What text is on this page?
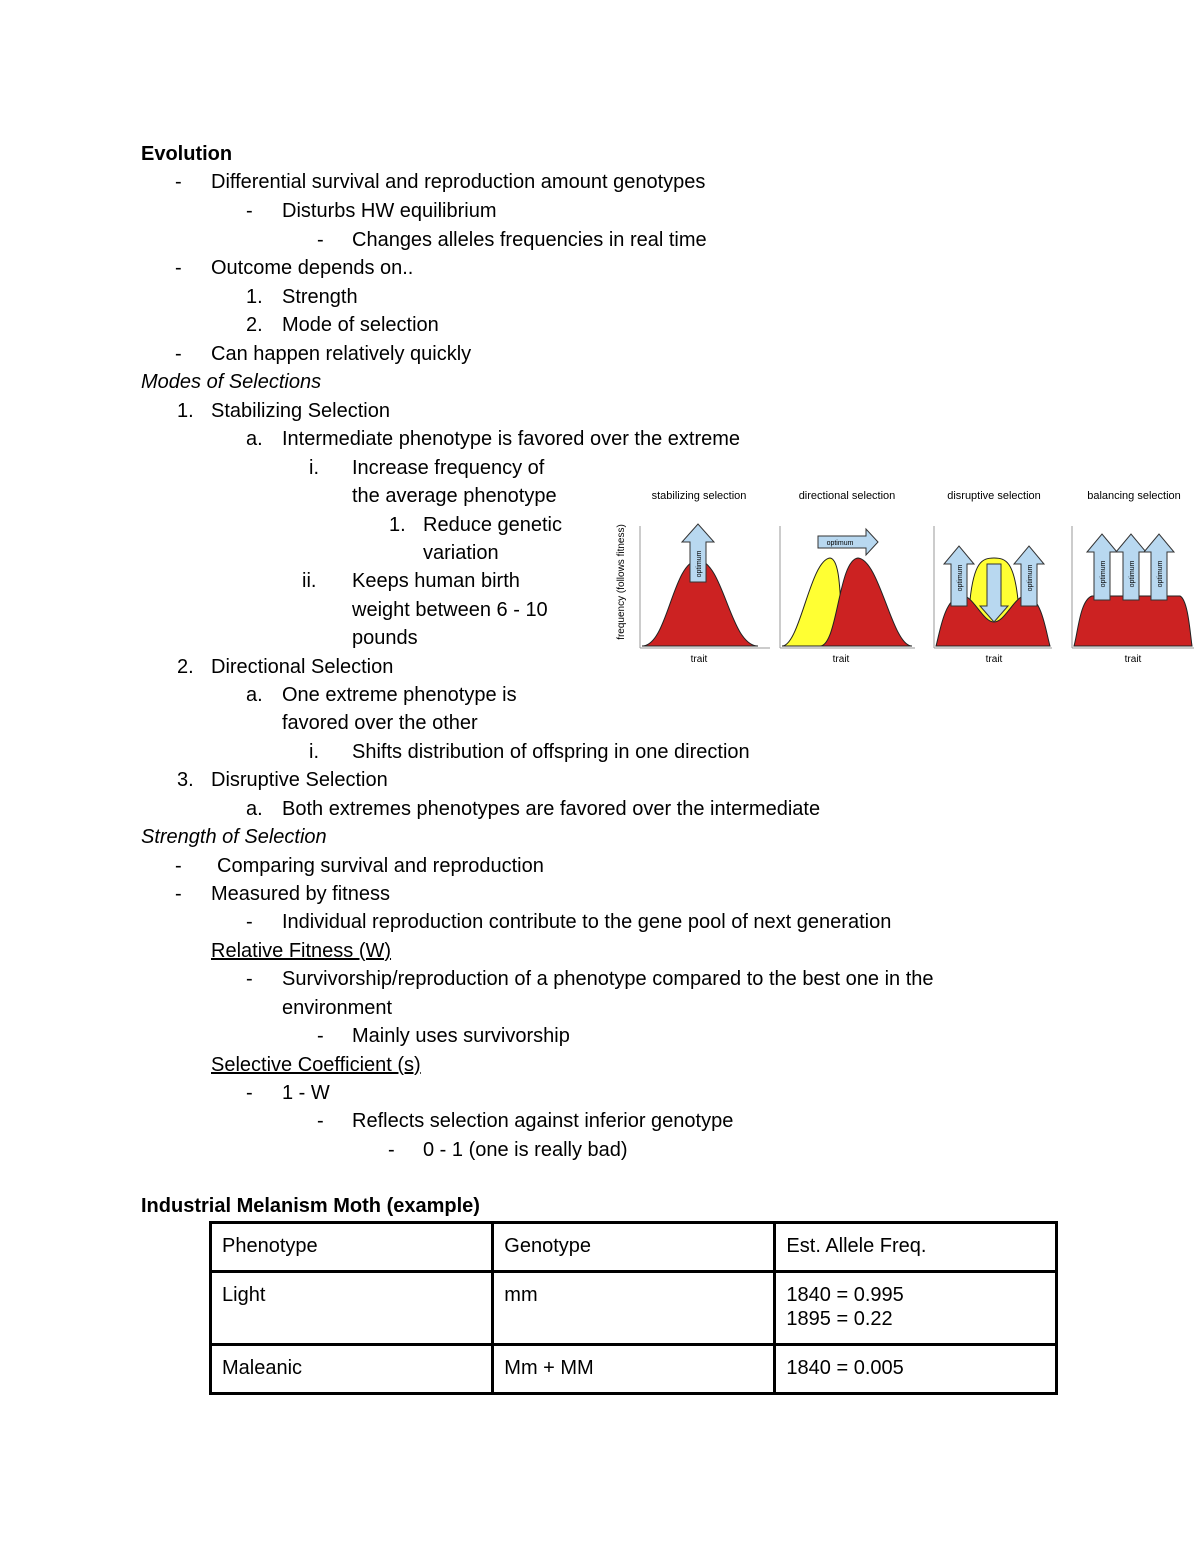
Evolution
- Differential survival and reproduction amount genotypes
- Disturbs HW equilibrium
- Changes alleles frequencies in real time
- Outcome depends on..
1. Strength
2. Mode of selection
- Can happen relatively quickly
Modes of Selections
1. Stabilizing Selection
a. Intermediate phenotype is favored over the extreme
i. Increase frequency of
the average phenotype
1. Reduce genetic
variation
ii. Keeps human birth
weight between 6 - 10
pounds
2. Directional Selection
a. One extreme phenotype is
favored over the other
i. Shifts distribution of offspring in one direction
3. Disruptive Selection
a. Both extremes phenotypes are favored over the intermediate
Strength of Selection
- Comparing survival and reproduction
- Measured by fitness
- Individual reproduction contribute to the gene pool of next generation
Relative Fitness (W)
- Survivorship/reproduction of a phenotype compared to the best one in the
environment
- Mainly uses survivorship
Selective Coefficient (s)
- 1 - W
- Reflects selection against inferior genotype
- 0 - 1 (one is really bad)
stabilizing selection	directional selection	disruptive selection	balancing selection
frequency (follows fitness)	optimum
trait
optimum
trait
optimum	optimum
trait
optimum	optimum	optimum
trait
Industrial Melanism Moth (example)
Phenotype	Genotype	Est. Allele Freq.
Light	mm	1840 = 0.995
1895 = 0.22

Maleanic	Mm + MM	1840 = 0.005
